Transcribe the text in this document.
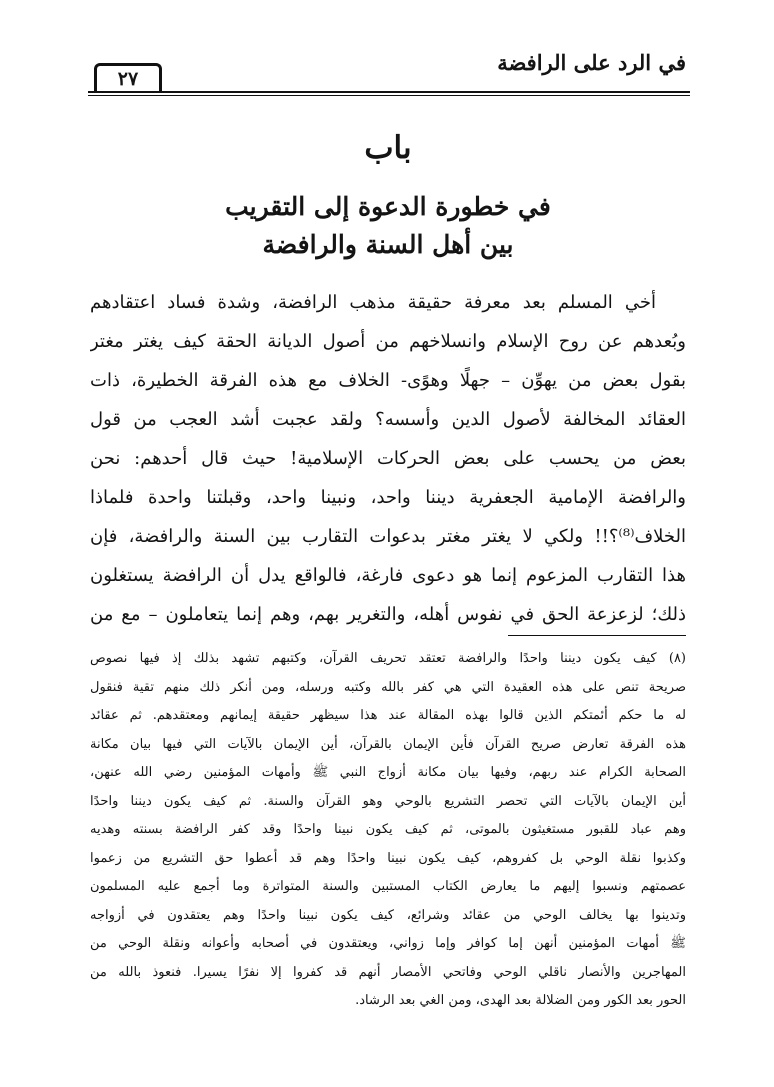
في الرد على الرافضة
٢٧
باب
في خطورة الدعوة إلى التقريب
بين أهل السنة والرافضة
أخي المسلم بعد معرفة حقيقة مذهب الرافضة، وشدة فساد اعتقادهم
وبُعدهم عن روح الإسلام وانسلاخهم من أصول الديانة الحقة كيف يغتر مغتر
بقول بعض من يهوِّن – جهلًا وهوًى- الخلاف مع هذه الفرقة الخطيرة، ذات
العقائد المخالفة لأصول الدين وأسسه؟ ولقد عجبت أشد العجب من قول
بعض من يحسب على بعض الحركات الإسلامية! حيث قال أحدهم: نحن
والرافضة الإمامية الجعفرية ديننا واحد، ونبينا واحد، وقبلتنا واحدة فلماذا
الخلاف⁽⁸⁾؟!! ولكي لا يغتر مغتر بدعوات التقارب بين السنة والرافضة، فإن
هذا التقارب المزعوم إنما هو دعوى فارغة، فالواقع يدل أن الرافضة يستغلون
ذلك؛ لزعزعة الحق في نفوس أهله، والتغرير بهم، وهم إنما يتعاملون – مع من
(٨) كيف يكون ديننا واحدًا والرافضة تعتقد تحريف القرآن، وكتبهم تشهد بذلك إذ فيها نصوص
صريحة تنص على هذه العقيدة التي هي كفر بالله وكتبه ورسله، ومن أنكر ذلك منهم تقية فنقول
له ما حكم أئمتكم الذين قالوا بهذه المقالة عند هذا سيظهر حقيقة إيمانهم ومعتقدهم. ثم عقائد
هذه الفرقة تعارض صريح القرآن فأين الإيمان بالقرآن، أين الإيمان بالآيات التي فيها بيان مكانة
الصحابة الكرام عند ربهم، وفيها بيان مكانة أزواج النبي ﷺ وأمهات المؤمنين رضي الله عنهن،
أين الإيمان بالآيات التي تحصر التشريع بالوحي وهو القرآن والسنة. ثم كيف يكون ديننا واحدًا
وهم عباد للقبور مستغيثون بالموتى، ثم كيف يكون نبينا واحدًا وقد كفر الرافضة بسنته وهديه
وكذبوا نقلة الوحي بل كفروهم، كيف يكون نبينا واحدًا وهم قد أعطوا حق التشريع من زعموا
عصمتهم ونسبوا إليهم ما يعارض الكتاب المستبين والسنة المتواترة وما أجمع عليه المسلمون
وتدينوا بها يخالف الوحي من عقائد وشرائع، كيف يكون نبينا واحدًا وهم يعتقدون في أزواجه
ﷺ أمهات المؤمنين أنهن إما كوافر وإما زواني، ويعتقدون في أصحابه وأعوانه ونقلة الوحي من
المهاجرين والأنصار ناقلي الوحي وفاتحي الأمصار أنهم قد كفروا إلا نفرًا يسيرا. فنعوذ بالله من
الحور بعد الكور ومن الضلالة بعد الهدى، ومن الغي بعد الرشاد.
